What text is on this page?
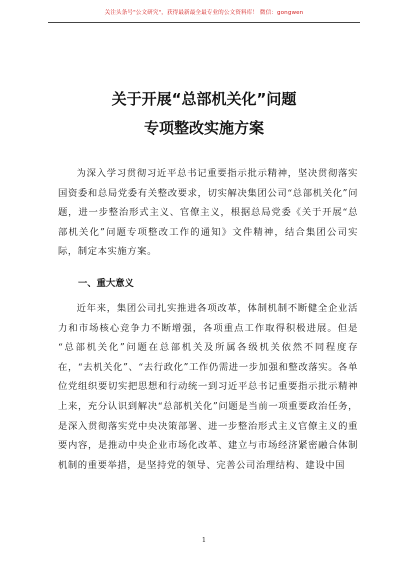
关注头条号"公文研究"，获得最新最全最专业的公文资料库！ 微信：gongwen
关于开展“总部机关化”问题
专项整改实施方案

为深入学习贯彻习近平总书记重要指示批示精神，坚决贯彻落实国资委和总局党委有关整改要求，切实解决集团公司“总部机关化”问题，进一步整治形式主义、官僚主义，根据总局党委《关于开展“总部机关化”问题专项整改工作的通知》文件精神，结合集团公司实际，制定本实施方案。

一、重大意义

近年来，集团公司扎实推进各项改革，体制机制不断健全企业活力和市场核心竞争力不断增强，各项重点工作取得积极进展。但是 “总部机关化”问题在总部机关及所属各级机关依然不同程度存在，“去机关化”、“去行政化”工作仍需进一步加强和整改落实。各单位党组织要切实把思想和行动统一到习近平总书记重要指示批示精神上来，充分认识到解决“总部机关化”问题是当前一项重要政治任务，是深入贯彻落实党中央决策部署、进一步整治形式主义官僚主义的重要内容，是推动中央企业市场化改革、建立与市场经济紧密融合体制机制的重要举措，是坚持党的领导、完善公司治理结构、建设中国

1
